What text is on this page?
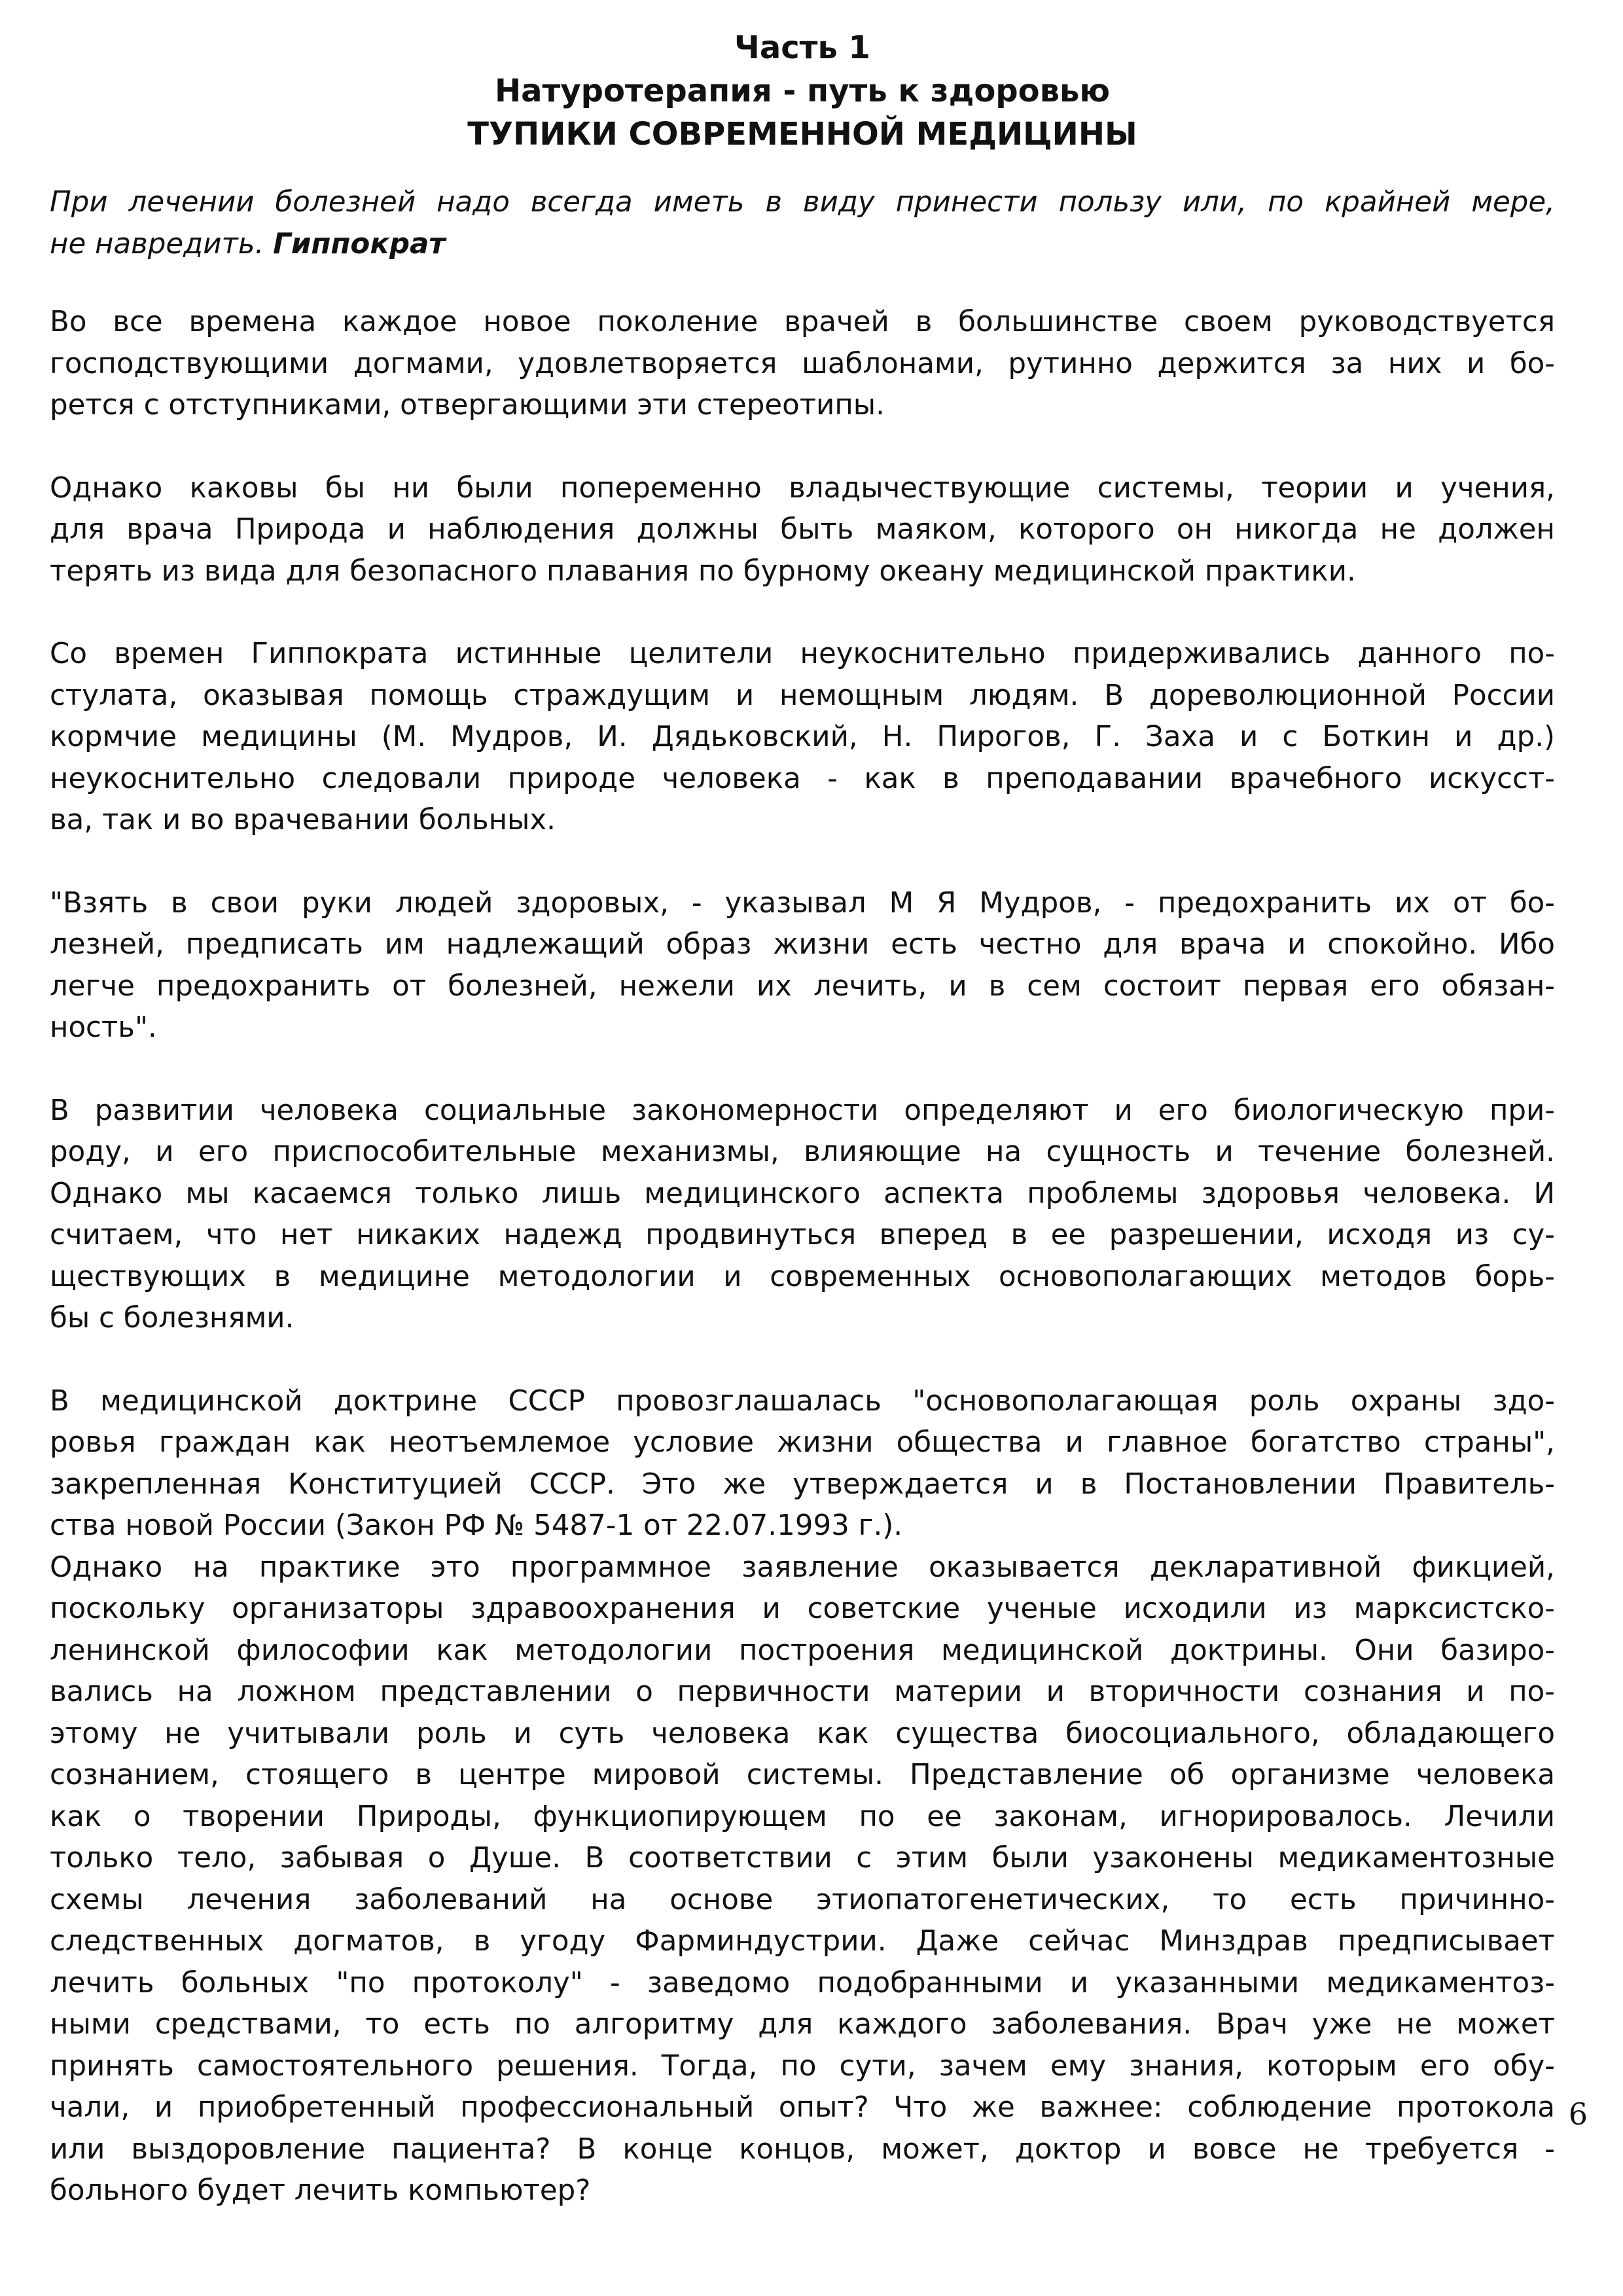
Часть 1
Натуротерапия - путь к здоровью
ТУПИКИ СОВРЕМЕННОЙ МЕДИЦИНЫ
При лечении болезней надо всегда иметь в виду принести пользу или, по крайней мере,
не навредить. Гиппократ
Во все времена каждое новое поколение врачей в большинстве своем руководствуется
господствующими догмами, удовлетворяется шаблонами, рутинно держится за них и бо-
рется с отступниками, отвергающими эти стереотипы.
Однако каковы бы ни были попеременно владычествующие системы, теории и учения,
для врача Природа и наблюдения должны быть маяком, которого он никогда не должен
терять из вида для безопасного плавания по бурному океану медицинской практики.
Со времен Гиппократа истинные целители неукоснительно придерживались данного по-
стулата, оказывая помощь страждущим и немощным людям. В дореволюционной России
кормчие медицины (М. Мудров, И. Дядьковский, Н. Пирогов, Г. Заха и с Боткин и др.)
неукоснительно следовали природе человека - как в преподавании врачебного искусст-
ва, так и во врачевании больных.
"Взять в свои руки людей здоровых, - указывал М Я Мудров, - предохранить их от бо-
лезней, предписать им надлежащий образ жизни есть честно для врача и спокойно. Ибо
легче предохранить от болезней, нежели их лечить, и в сем состоит первая его обязан-
ность".
В развитии человека социальные закономерности определяют и его биологическую при-
роду, и его приспособительные механизмы, влияющие на сущность и течение болезней.
Однако мы касаемся только лишь медицинского аспекта проблемы здоровья человека. И
считаем, что нет никаких надежд продвинуться вперед в ее разрешении, исходя из су-
ществующих в медицине методологии и современных основополагающих методов борь-
бы с болезнями.
В медицинской доктрине СССР провозглашалась "основополагающая роль охраны здо-
ровья граждан как неотъемлемое условие жизни общества и главное богатство страны",
закрепленная Конституцией СССР. Это же утверждается и в Постановлении Правитель-
ства новой России (Закон РФ № 5487-1 от 22.07.1993 г.).
Однако на практике это программное заявление оказывается декларативной фикцией,
поскольку организаторы здравоохранения и советские ученые исходили из марксистско-
ленинской философии как методологии построения медицинской доктрины. Они базиро-
вались на ложном представлении о первичности материи и вторичности сознания и по-
этому не учитывали роль и суть человека как существа биосоциального, обладающего
сознанием, стоящего в центре мировой системы. Представление об организме человека
как о творении Природы, функциопирующем по ее законам, игнорировалось. Лечили
только тело, забывая о Душе. В соответствии с этим были узаконены медикаментозные
схемы лечения заболеваний на основе этиопатогенетических, то есть причинно-
следственных догматов, в угоду Фарминдустрии. Даже сейчас Минздрав предписывает
лечить больных "по протоколу" - заведомо подобранными и указанными медикаментоз-
ными средствами, то есть по алгоритму для каждого заболевания. Врач уже не может
принять самостоятельного решения. Тогда, по сути, зачем ему знания, которым его обу-
чали, и приобретенный профессиональный опыт? Что же важнее: соблюдение протокола
или выздоровление пациента? В конце концов, может, доктор и вовсе не требуется -
больного будет лечить компьютер?
6
